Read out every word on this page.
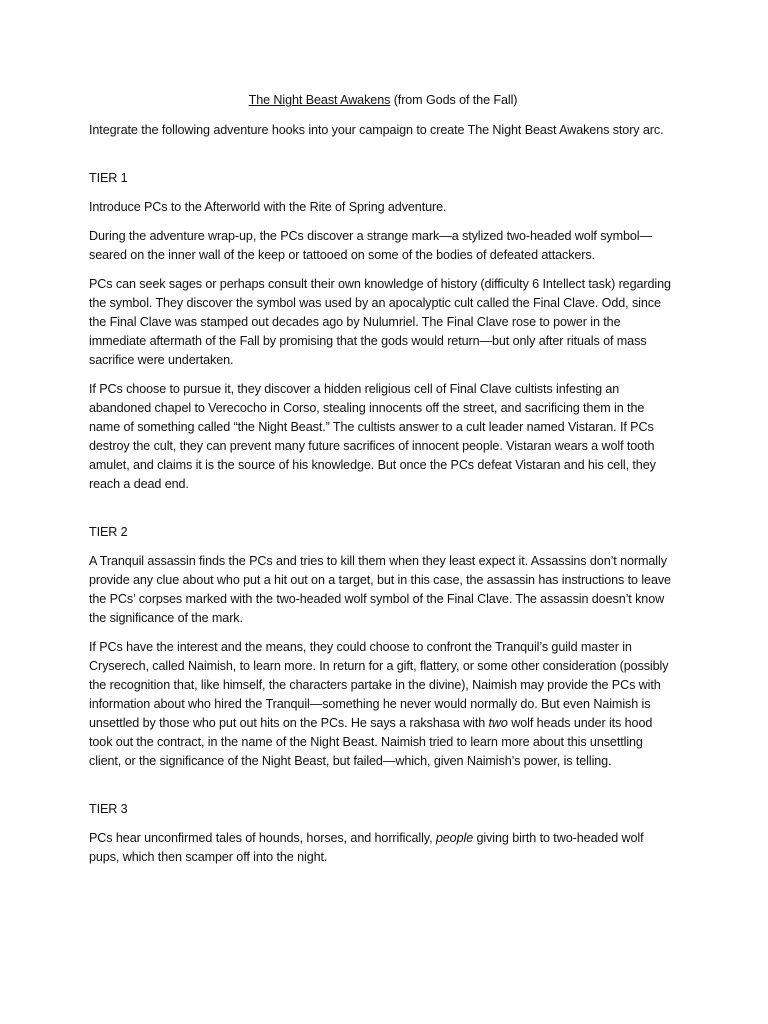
The Night Beast Awakens (from Gods of the Fall)

Integrate the following adventure hooks into your campaign to create The Night Beast Awakens story arc.

TIER 1

Introduce PCs to the Afterworld with the Rite of Spring adventure.

During the adventure wrap-up, the PCs discover a strange mark—a stylized two-headed wolf symbol—seared on the inner wall of the keep or tattooed on some of the bodies of defeated attackers.

PCs can seek sages or perhaps consult their own knowledge of history (difficulty 6 Intellect task) regarding the symbol. They discover the symbol was used by an apocalyptic cult called the Final Clave. Odd, since the Final Clave was stamped out decades ago by Nulumriel. The Final Clave rose to power in the immediate aftermath of the Fall by promising that the gods would return—but only after rituals of mass sacrifice were undertaken.

If PCs choose to pursue it, they discover a hidden religious cell of Final Clave cultists infesting an abandoned chapel to Verecocho in Corso, stealing innocents off the street, and sacrificing them in the name of something called “the Night Beast.” The cultists answer to a cult leader named Vistaran. If PCs destroy the cult, they can prevent many future sacrifices of innocent people. Vistaran wears a wolf tooth amulet, and claims it is the source of his knowledge. But once the PCs defeat Vistaran and his cell, they reach a dead end.

TIER 2

A Tranquil assassin finds the PCs and tries to kill them when they least expect it. Assassins don’t normally provide any clue about who put a hit out on a target, but in this case, the assassin has instructions to leave the PCs’ corpses marked with the two-headed wolf symbol of the Final Clave. The assassin doesn’t know the significance of the mark.

If PCs have the interest and the means, they could choose to confront the Tranquil’s guild master in Cryserech, called Naimish, to learn more. In return for a gift, flattery, or some other consideration (possibly the recognition that, like himself, the characters partake in the divine), Naimish may provide the PCs with information about who hired the Tranquil—something he never would normally do. But even Naimish is unsettled by those who put out hits on the PCs. He says a rakshasa with two wolf heads under its hood took out the contract, in the name of the Night Beast. Naimish tried to learn more about this unsettling client, or the significance of the Night Beast, but failed—which, given Naimish’s power, is telling.

TIER 3

PCs hear unconfirmed tales of hounds, horses, and horrifically, people giving birth to two-headed wolf pups, which then scamper off into the night.
